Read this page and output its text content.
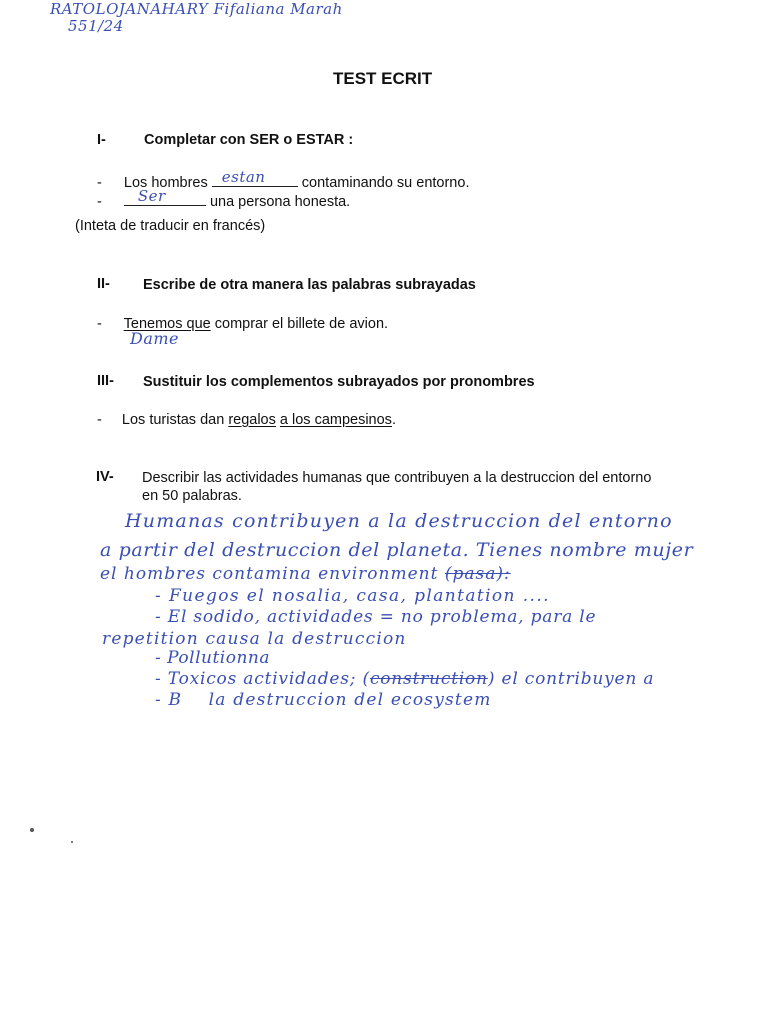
RATOLOJANAHARY Fifaliana Marah
551/24
TEST ECRIT
I-	Completar con SER o ESTAR :
- Los hombres estan	contaminando su entorno.
- Ser	una persona honesta.
(Inteta de traducir en francés)
II- Escribe de otra manera las palabras subrayadas
- Tenemos que comprar el billete de avion.
Dame
III- Sustituir los complementos subrayados por pronombres
- Los turistas dan regalos a los campesinos.
IV- Describir las actividades humanas que contribuyen a la destruccion del entorno
en 50 palabras.
Humanas contribuyen a la destruccion del entorno
a partir del destruccion del planeta. Tienes nombre mujer
el hombres contamina environment (pasa):
- Fuegos el nosalia, casa, plantation ....
- El sodido, actividades = no problema, para le
repetition causa la destruccion
- Pollutionna
- Toxicos actividades; (construction) el contribuyen a
- B    la destruccion del ecosystem
